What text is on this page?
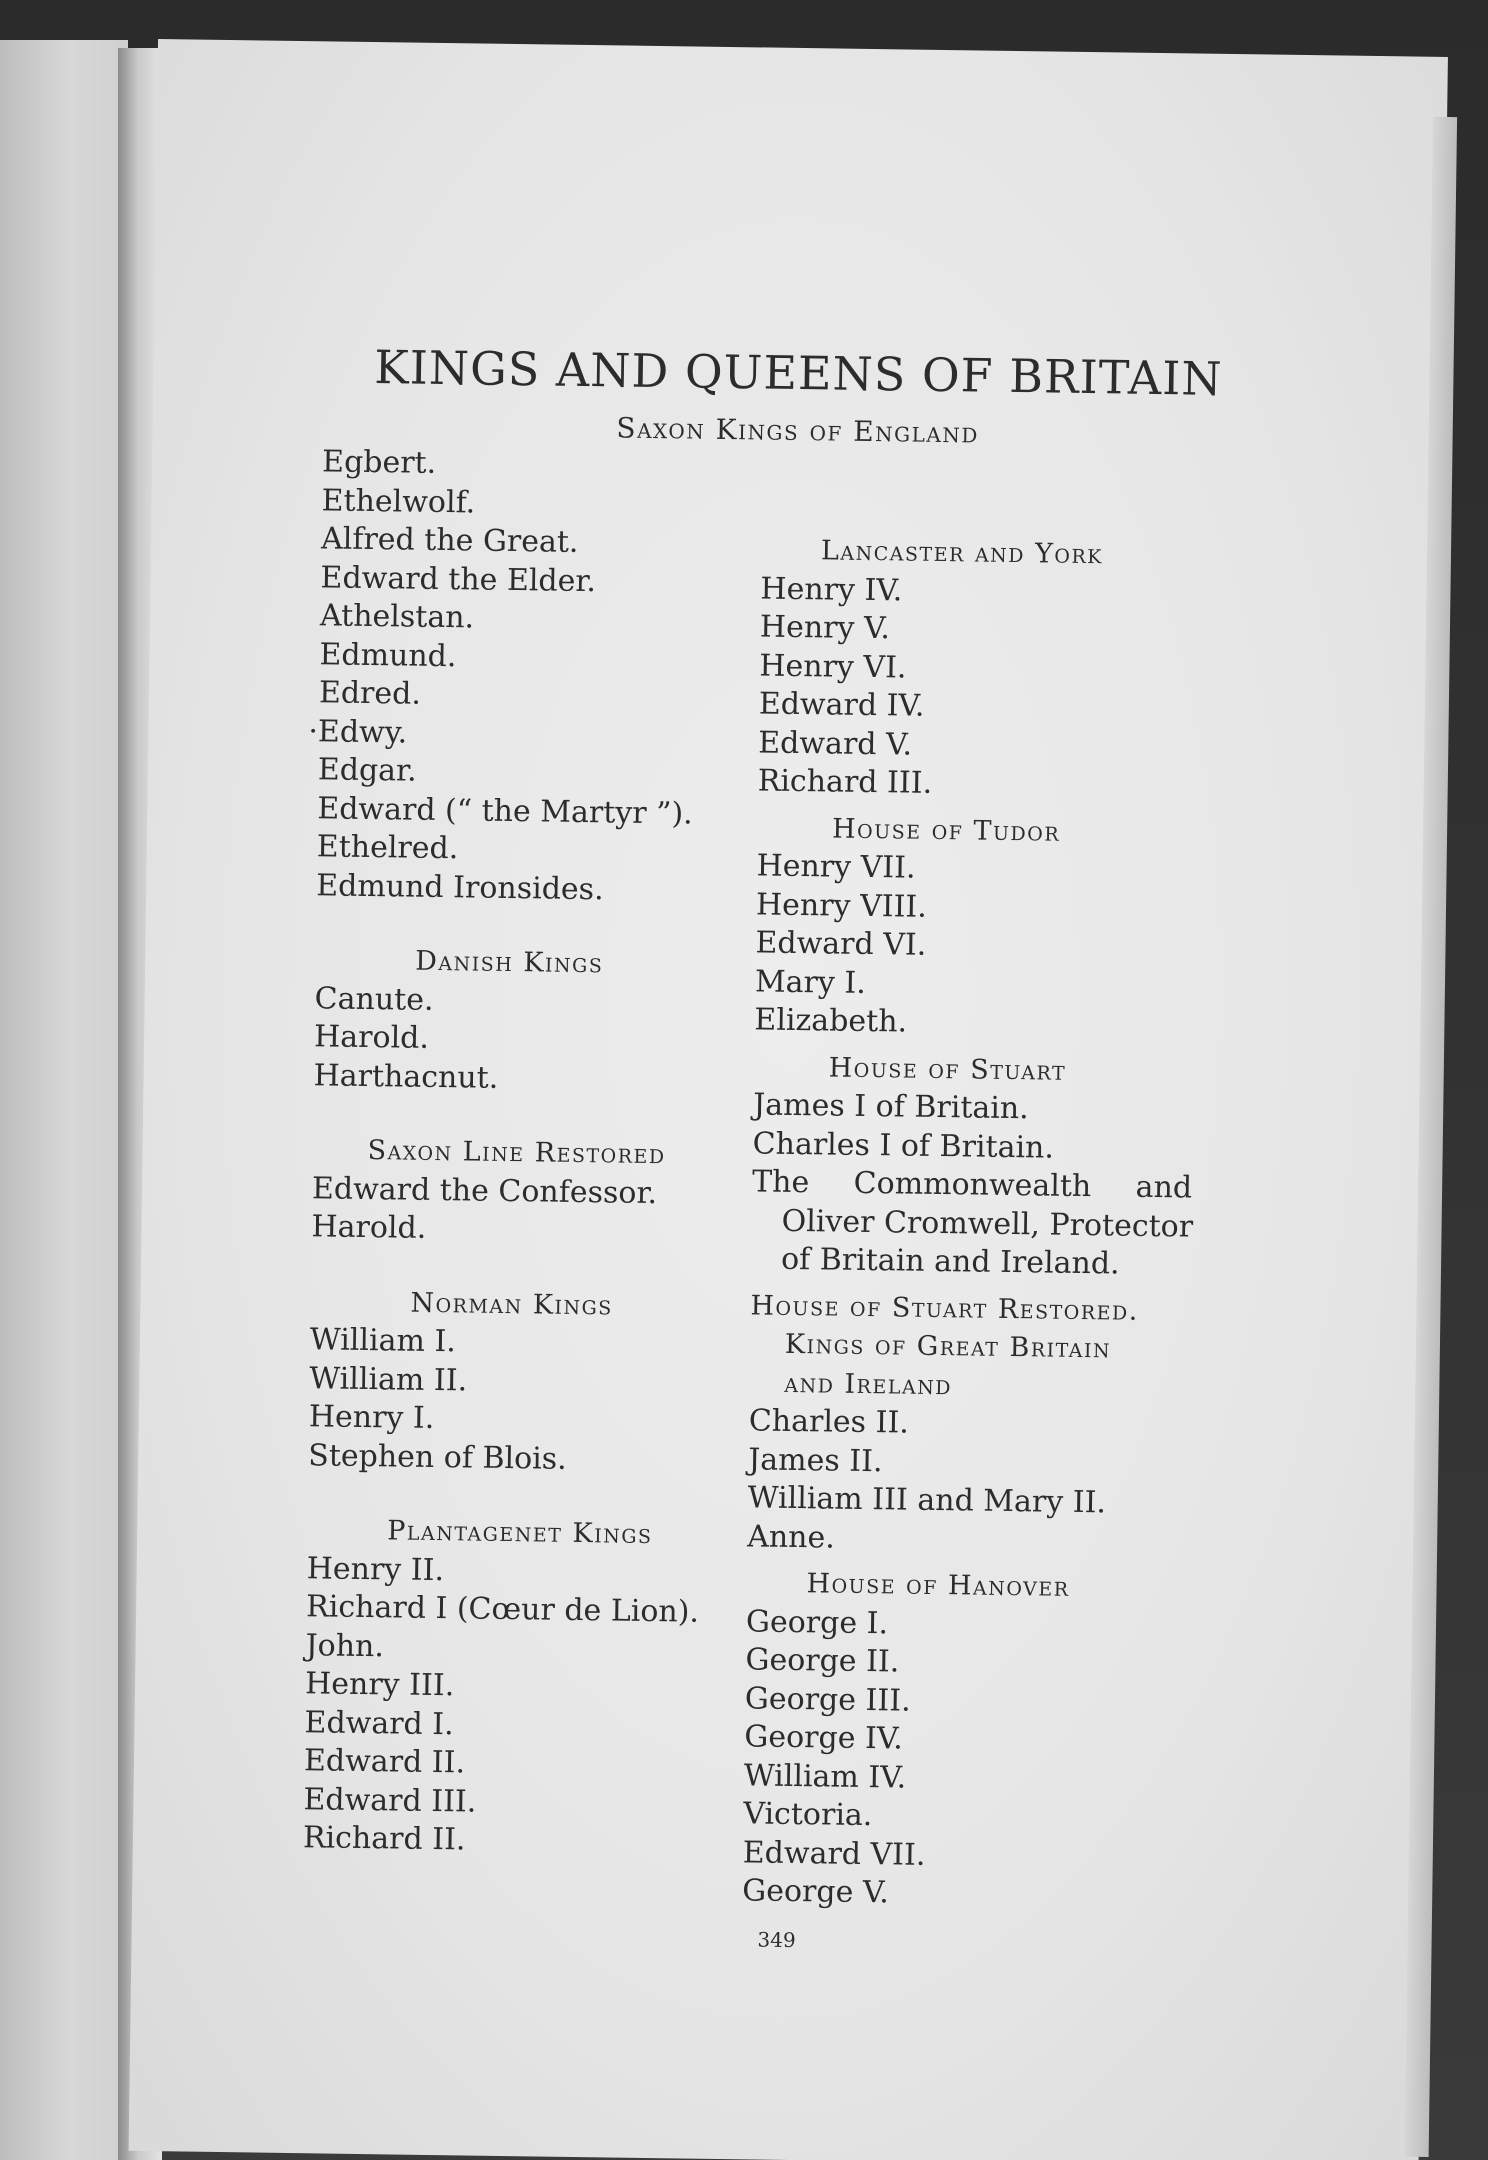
KINGS AND QUEENS OF BRITAIN
Saxon Kings of England
Egbert.
Ethelwolf.
Alfred the Great.
Edward the Elder.
Athelstan.
Edmund.
Edred.
·Edwy.
Edgar.
Edward (“ the Martyr ”).
Ethelred.
Edmund Ironsides.
Danish Kings
Canute.
Harold.
Harthacnut.
Saxon Line Restored
Edward the Confessor.
Harold.
Norman Kings
William I.
William II.
Henry I.
Stephen of Blois.
Plantagenet Kings
Henry II.
Richard I (Cœur de Lion).
John.
Henry III.
Edward I.
Edward II.
Edward III.
Richard II.
Lancaster and York
Henry IV.
Henry V.
Henry VI.
Edward IV.
Edward V.
Richard III.
House of Tudor
Henry VII.
Henry VIII.
Edward VI.
Mary I.
Elizabeth.
House of Stuart
James I of Britain.
Charles I of Britain.
The Commonwealth and
Oliver Cromwell, Protector
of Britain and Ireland.
House of Stuart Restored.
Kings of Great Britain
and Ireland
Charles II.
James II.
William III and Mary II.
Anne.
House of Hanover
George I.
George II.
George III.
George IV.
William IV.
Victoria.
Edward VII.
George V.
349
